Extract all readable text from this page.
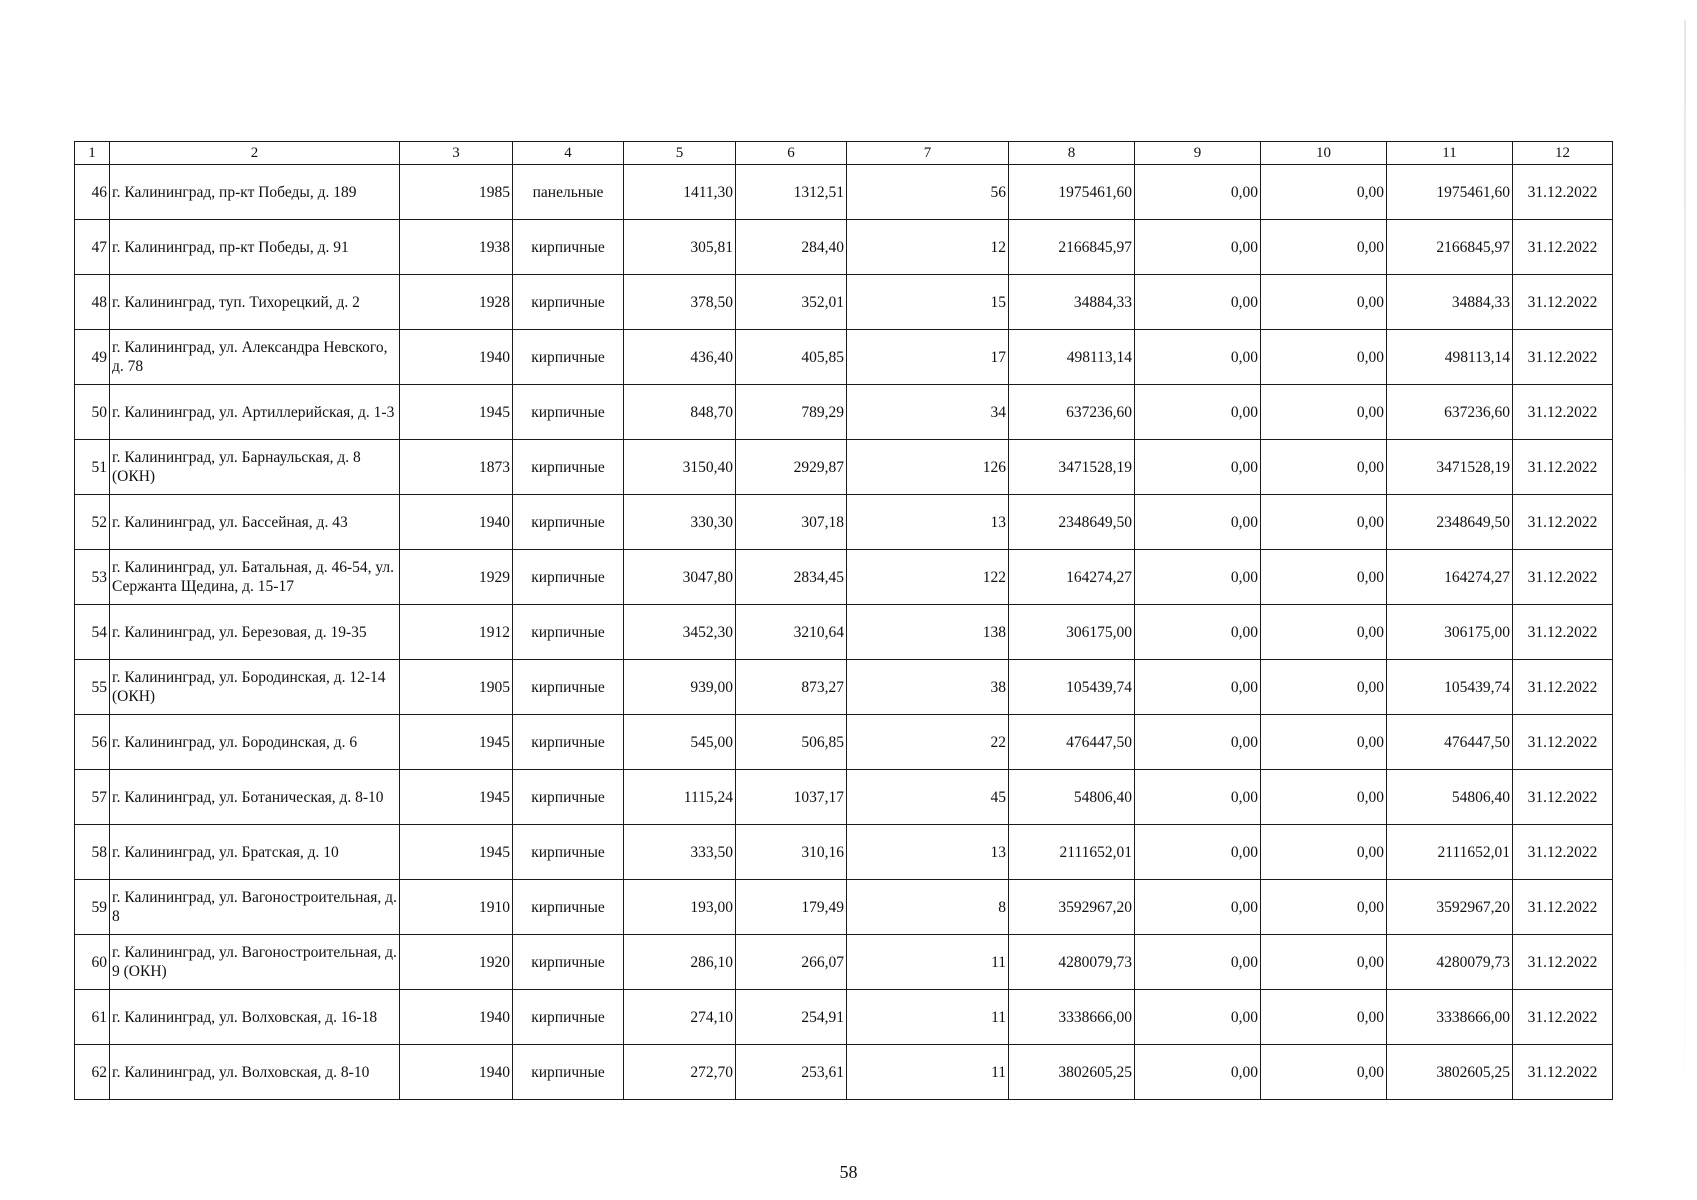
1	2	3	4	5	6	7	8	9	10	11	12
46	г. Калининград, пр-кт Победы, д. 189	1985	панельные	1411,30	1312,51	56	1975461,60	0,00	0,00	1975461,60	31.12.2022
47	г. Калининград, пр-кт Победы, д. 91	1938	кирпичные	305,81	284,40	12	2166845,97	0,00	0,00	2166845,97	31.12.2022
48	г. Калининград, туп. Тихорецкий, д. 2	1928	кирпичные	378,50	352,01	15	34884,33	0,00	0,00	34884,33	31.12.2022
49	г. Калининград, ул. Александра Невского, д. 78	1940	кирпичные	436,40	405,85	17	498113,14	0,00	0,00	498113,14	31.12.2022
50	г. Калининград, ул. Артиллерийская, д. 1-3	1945	кирпичные	848,70	789,29	34	637236,60	0,00	0,00	637236,60	31.12.2022
51	г. Калининград, ул. Барнаульская, д. 8 (ОКН)	1873	кирпичные	3150,40	2929,87	126	3471528,19	0,00	0,00	3471528,19	31.12.2022
52	г. Калининград, ул. Бассейная, д. 43	1940	кирпичные	330,30	307,18	13	2348649,50	0,00	0,00	2348649,50	31.12.2022
53	г. Калининград, ул. Батальная, д. 46-54, ул. Сержанта Щедина, д. 15-17	1929	кирпичные	3047,80	2834,45	122	164274,27	0,00	0,00	164274,27	31.12.2022
54	г. Калининград, ул. Березовая, д. 19-35	1912	кирпичные	3452,30	3210,64	138	306175,00	0,00	0,00	306175,00	31.12.2022
55	г. Калининград, ул. Бородинская, д. 12-14 (ОКН)	1905	кирпичные	939,00	873,27	38	105439,74	0,00	0,00	105439,74	31.12.2022
56	г. Калининград, ул. Бородинская, д. 6	1945	кирпичные	545,00	506,85	22	476447,50	0,00	0,00	476447,50	31.12.2022
57	г. Калининград, ул. Ботаническая, д. 8-10	1945	кирпичные	1115,24	1037,17	45	54806,40	0,00	0,00	54806,40	31.12.2022
58	г. Калининград, ул. Братская, д. 10	1945	кирпичные	333,50	310,16	13	2111652,01	0,00	0,00	2111652,01	31.12.2022
59	г. Калининград, ул. Вагоностроительная, д. 8	1910	кирпичные	193,00	179,49	8	3592967,20	0,00	0,00	3592967,20	31.12.2022
60	г. Калининград, ул. Вагоностроительная, д. 9 (ОКН)	1920	кирпичные	286,10	266,07	11	4280079,73	0,00	0,00	4280079,73	31.12.2022
61	г. Калининград, ул. Волховская, д. 16-18	1940	кирпичные	274,10	254,91	11	3338666,00	0,00	0,00	3338666,00	31.12.2022
62	г. Калининград, ул. Волховская, д. 8-10	1940	кирпичные	272,70	253,61	11	3802605,25	0,00	0,00	3802605,25	31.12.2022
58
